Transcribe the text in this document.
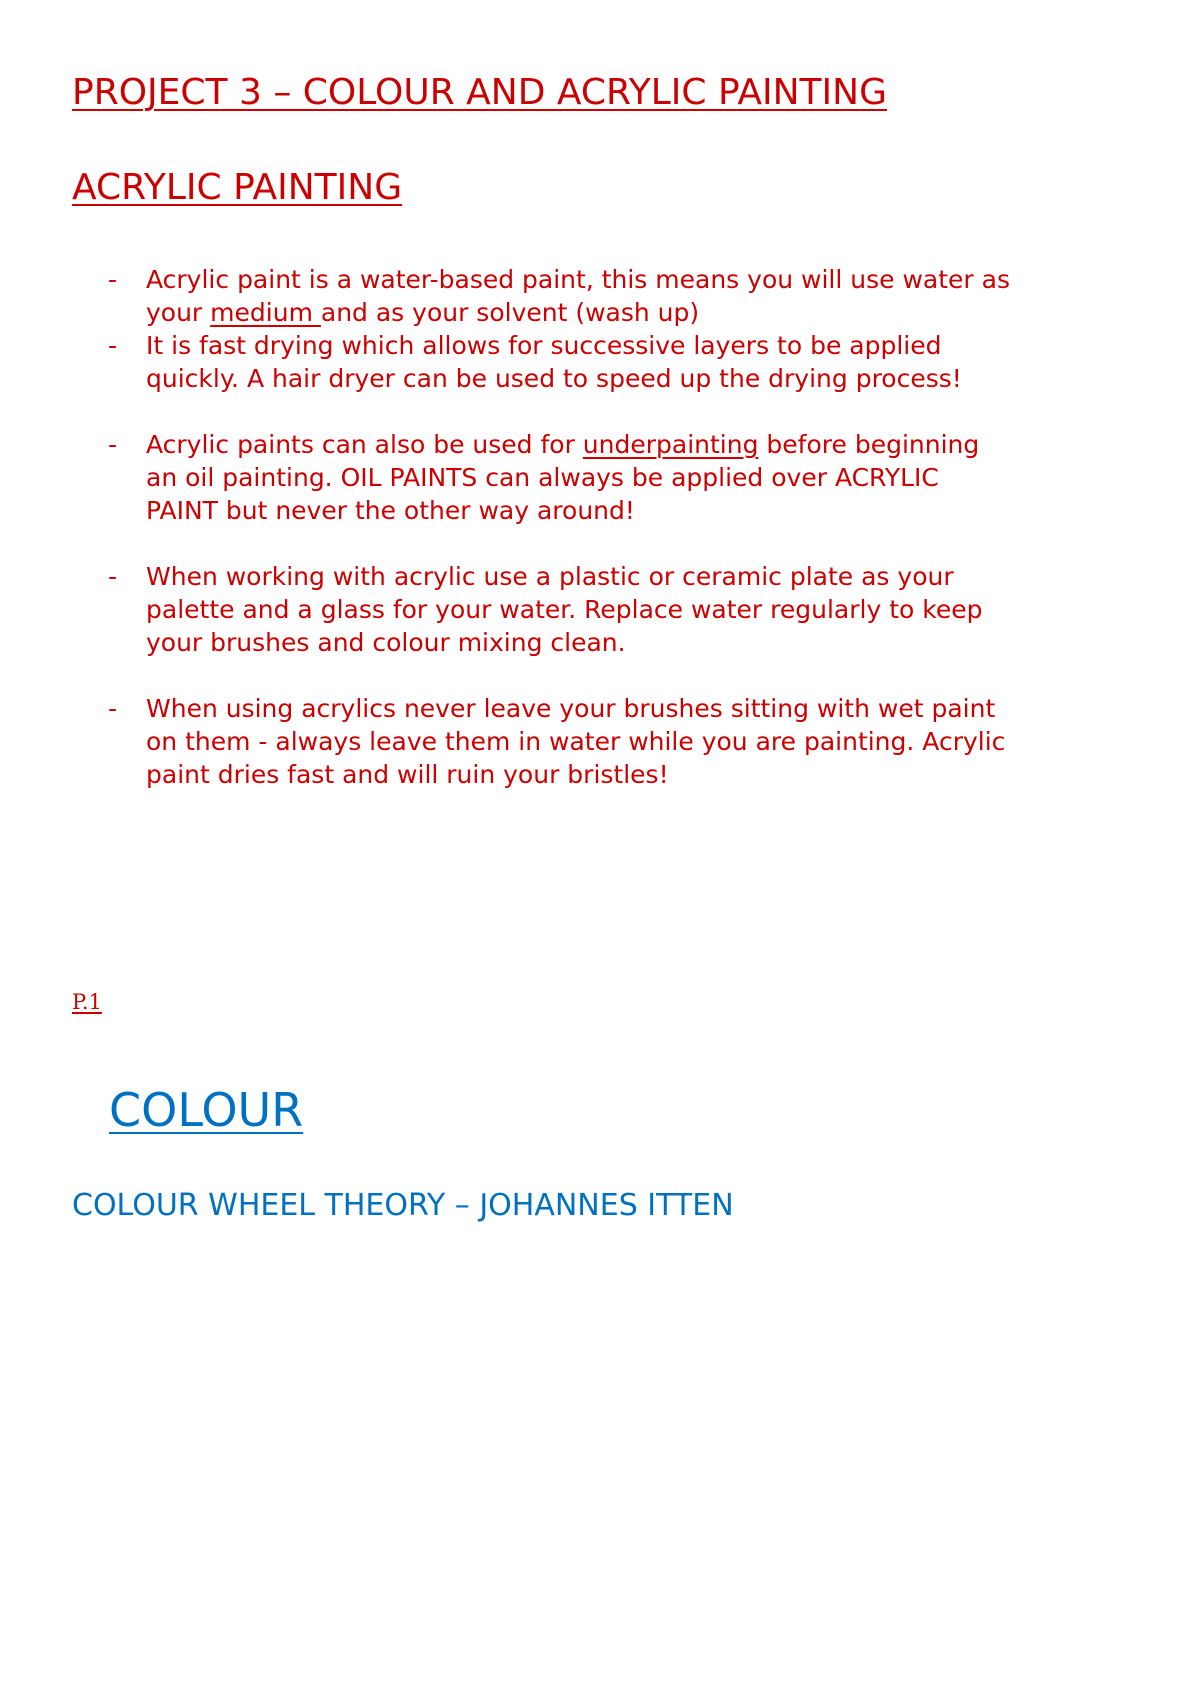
PROJECT 3 – COLOUR AND ACRYLIC PAINTING
ACRYLIC PAINTING
- Acrylic paint is a water-based paint, this means you will use water as
your medium and as your solvent (wash up)
- It is fast drying which allows for successive layers to be applied
quickly. A hair dryer can be used to speed up the drying process!
- Acrylic paints can also be used for underpainting before beginning
an oil painting. OIL PAINTS can always be applied over ACRYLIC
PAINT but never the other way around!
- When working with acrylic use a plastic or ceramic plate as your
palette and a glass for your water. Replace water regularly to keep
your brushes and colour mixing clean.
- When using acrylics never leave your brushes sitting with wet paint
on them - always leave them in water while you are painting. Acrylic
paint dries fast and will ruin your bristles!
P.1
COLOUR
COLOUR WHEEL THEORY – JOHANNES ITTEN
